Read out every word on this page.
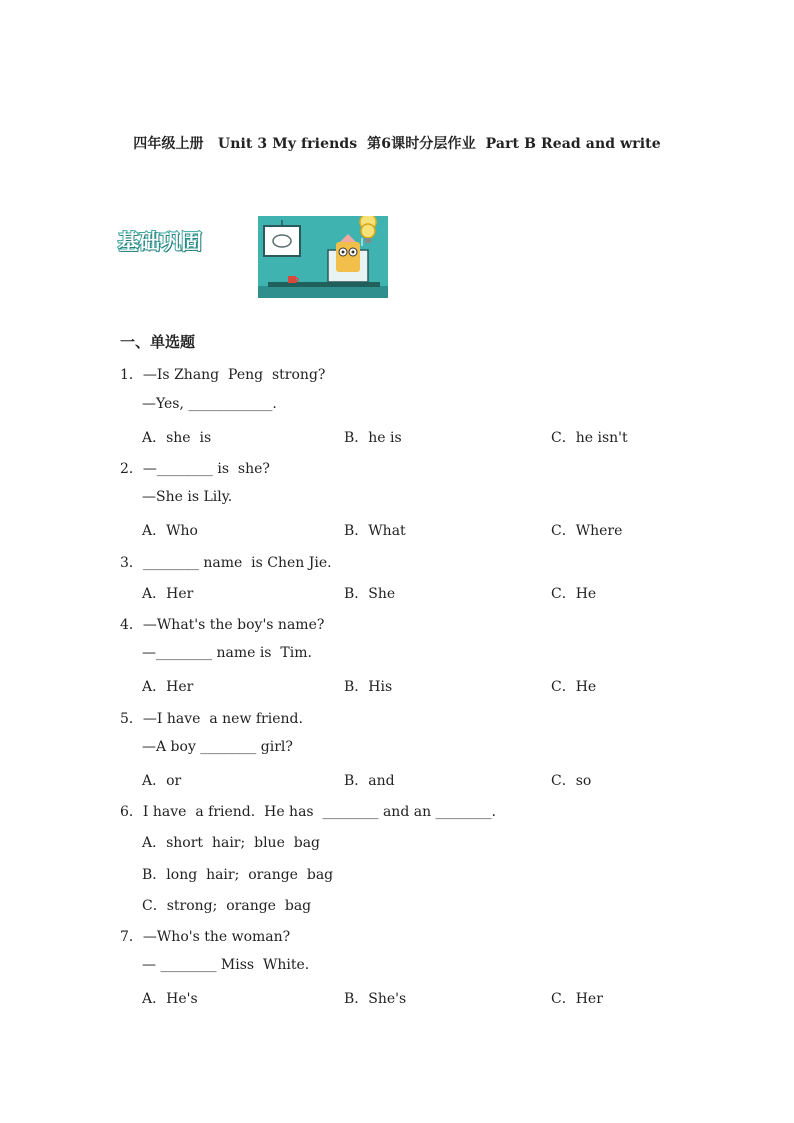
四年级上册　Unit 3 My friends  第6课时分层作业  Part B Read and write
基础巩固
一、单选题
1．—Is Zhang  Peng  strong?
—Yes, ____________.
A．she  is	B．he is	C．he isn't
2．—________ is  she?
—She is Lily.
A．Who	B．What	C．Where
3．________ name  is Chen Jie.
A．Her	B．She	C．He
4．—What's the boy's name?
—________ name is  Tim.
A．Her	B．His	C．He
5．—I have  a new friend.
—A boy ________ girl?
A．or	B．and	C．so
6．I have  a friend.  He has  ________ and an ________.
A．short  hair;  blue  bag
B．long  hair;  orange  bag
C．strong;  orange  bag
7．—Who's the woman?
— ________ Miss  White.
A．He's	B．She's	C．Her
